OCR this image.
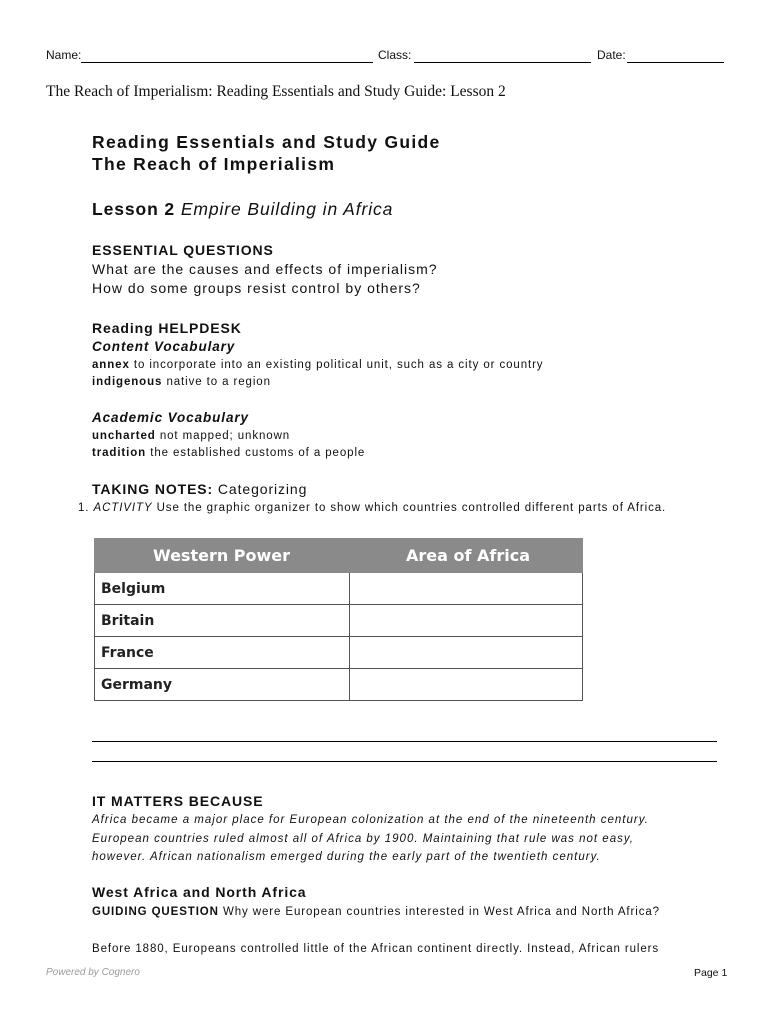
Name:	Class:	Date:
The Reach of Imperialism: Reading Essentials and Study Guide: Lesson 2
Reading Essentials and Study Guide
The Reach of Imperialism
Lesson 2 Empire Building in Africa
ESSENTIAL QUESTIONS
What are the causes and effects of imperialism?
How do some groups resist control by others?
Reading HELPDESK
Content Vocabulary
annex to incorporate into an existing political unit, such as a city or country
indigenous native to a region
Academic Vocabulary
uncharted not mapped; unknown
tradition the established customs of a people
TAKING NOTES: Categorizing
1. ACTIVITY Use the graphic organizer to show which countries controlled different parts of Africa.
Western Power	Area of Africa
Belgium	
Britain	
France	
Germany	
IT MATTERS BECAUSE
Africa became a major place for European colonization at the end of the nineteenth century.
European countries ruled almost all of Africa by 1900. Maintaining that rule was not easy,
however. African nationalism emerged during the early part of the twentieth century.
West Africa and North Africa
GUIDING QUESTION Why were European countries interested in West Africa and North Africa?
Before 1880, Europeans controlled little of the African continent directly. Instead, African rulers
Powered by Cognero	Page 1
